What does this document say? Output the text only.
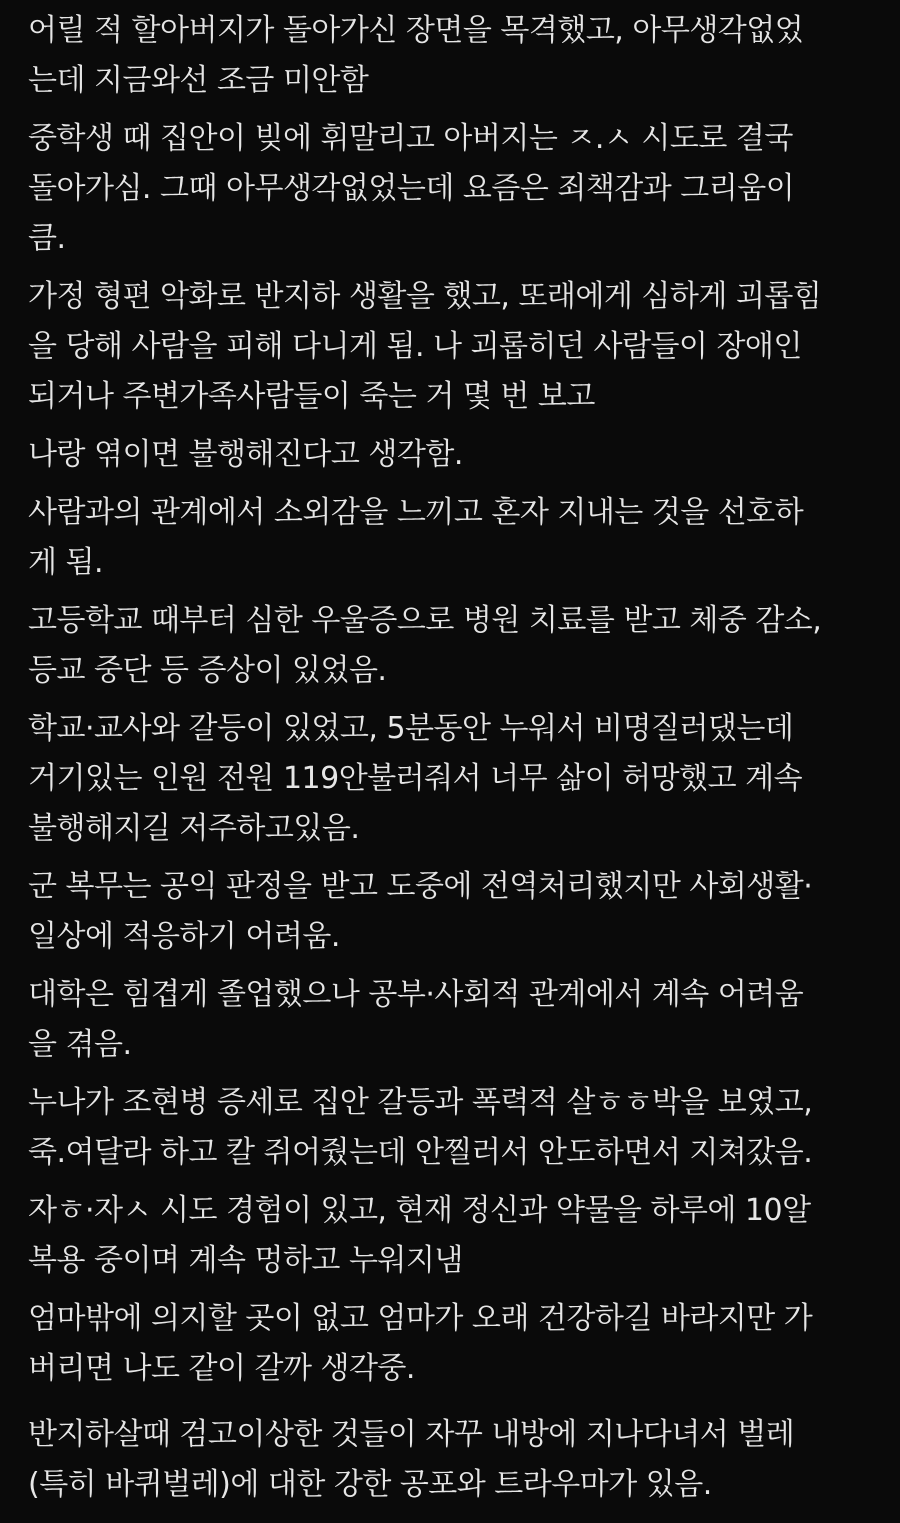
어릴 적 할아버지가 돌아가신 장면을 목격했고, 아무생각없었
는데 지금와선 조금 미안함

중학생 때 집안이 빚에 휘말리고 아버지는 ㅈ.ㅅ 시도로 결국
돌아가심. 그때 아무생각없었는데 요즘은 죄책감과 그리움이
큼.

가정 형편 악화로 반지하 생활을 했고, 또래에게 심하게 괴롭힘
을 당해 사람을 피해 다니게 됨. 나 괴롭히던 사람들이 장애인
되거나 주변가족사람들이 죽는 거 몇 번 보고

나랑 엮이면 불행해진다고 생각함.

사람과의 관계에서 소외감을 느끼고 혼자 지내는 것을 선호하
게 됨.

고등학교 때부터 심한 우울증으로 병원 치료를 받고 체중 감소,
등교 중단 등 증상이 있었음.

학교·교사와 갈등이 있었고, 5분동안 누워서 비명질러댔는데
거기있는 인원 전원 119안불러줘서 너무 삶이 허망했고 계속
불행해지길 저주하고있음.

군 복무는 공익 판정을 받고 도중에 전역처리했지만 사회생활·
일상에 적응하기 어려움.

대학은 힘겹게 졸업했으나 공부·사회적 관계에서 계속 어려움
을 겪음.

누나가 조현병 증세로 집안 갈등과 폭력적 살ㅎㅎ박을 보였고,
죽.여달라 하고 칼 쥐어줬는데 안찔러서 안도하면서 지쳐갔음.

자ㅎ·자ㅅ 시도 경험이 있고, 현재 정신과 약물을 하루에 10알
복용 중이며 계속 멍하고 누워지냄

엄마밖에 의지할 곳이 없고 엄마가 오래 건강하길 바라지만 가
버리면 나도 같이 갈까 생각중.

반지하살때 검고이상한 것들이 자꾸 내방에 지나다녀서 벌레
(특히 바퀴벌레)에 대한 강한 공포와 트라우마가 있음.
